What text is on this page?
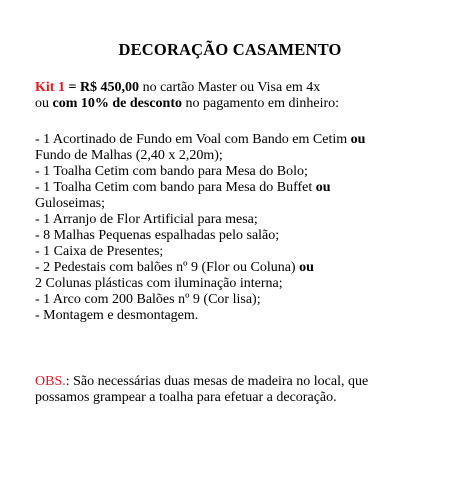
DECORAÇÃO CASAMENTO
Kit 1 = R$ 450,00 no cartão Master ou Visa em 4x
ou com 10% de desconto no pagamento em dinheiro:
- 1 Acortinado de Fundo em Voal com Bando em Cetim ou
Fundo de Malhas (2,40 x 2,20m);
- 1 Toalha Cetim com bando para Mesa do Bolo;
- 1 Toalha Cetim com bando para Mesa do Buffet ou
Guloseimas;
- 1 Arranjo de Flor Artificial para mesa;
- 8 Malhas Pequenas espalhadas pelo salão;
- 1 Caixa de Presentes;
- 2 Pedestais com balões nº 9 (Flor ou Coluna) ou
2 Colunas plásticas com iluminação interna;
- 1 Arco com 200 Balões nº 9 (Cor lisa);
- Montagem e desmontagem.
OBS.: São necessárias duas mesas de madeira no local, que
possamos grampear a toalha para efetuar a decoração.
